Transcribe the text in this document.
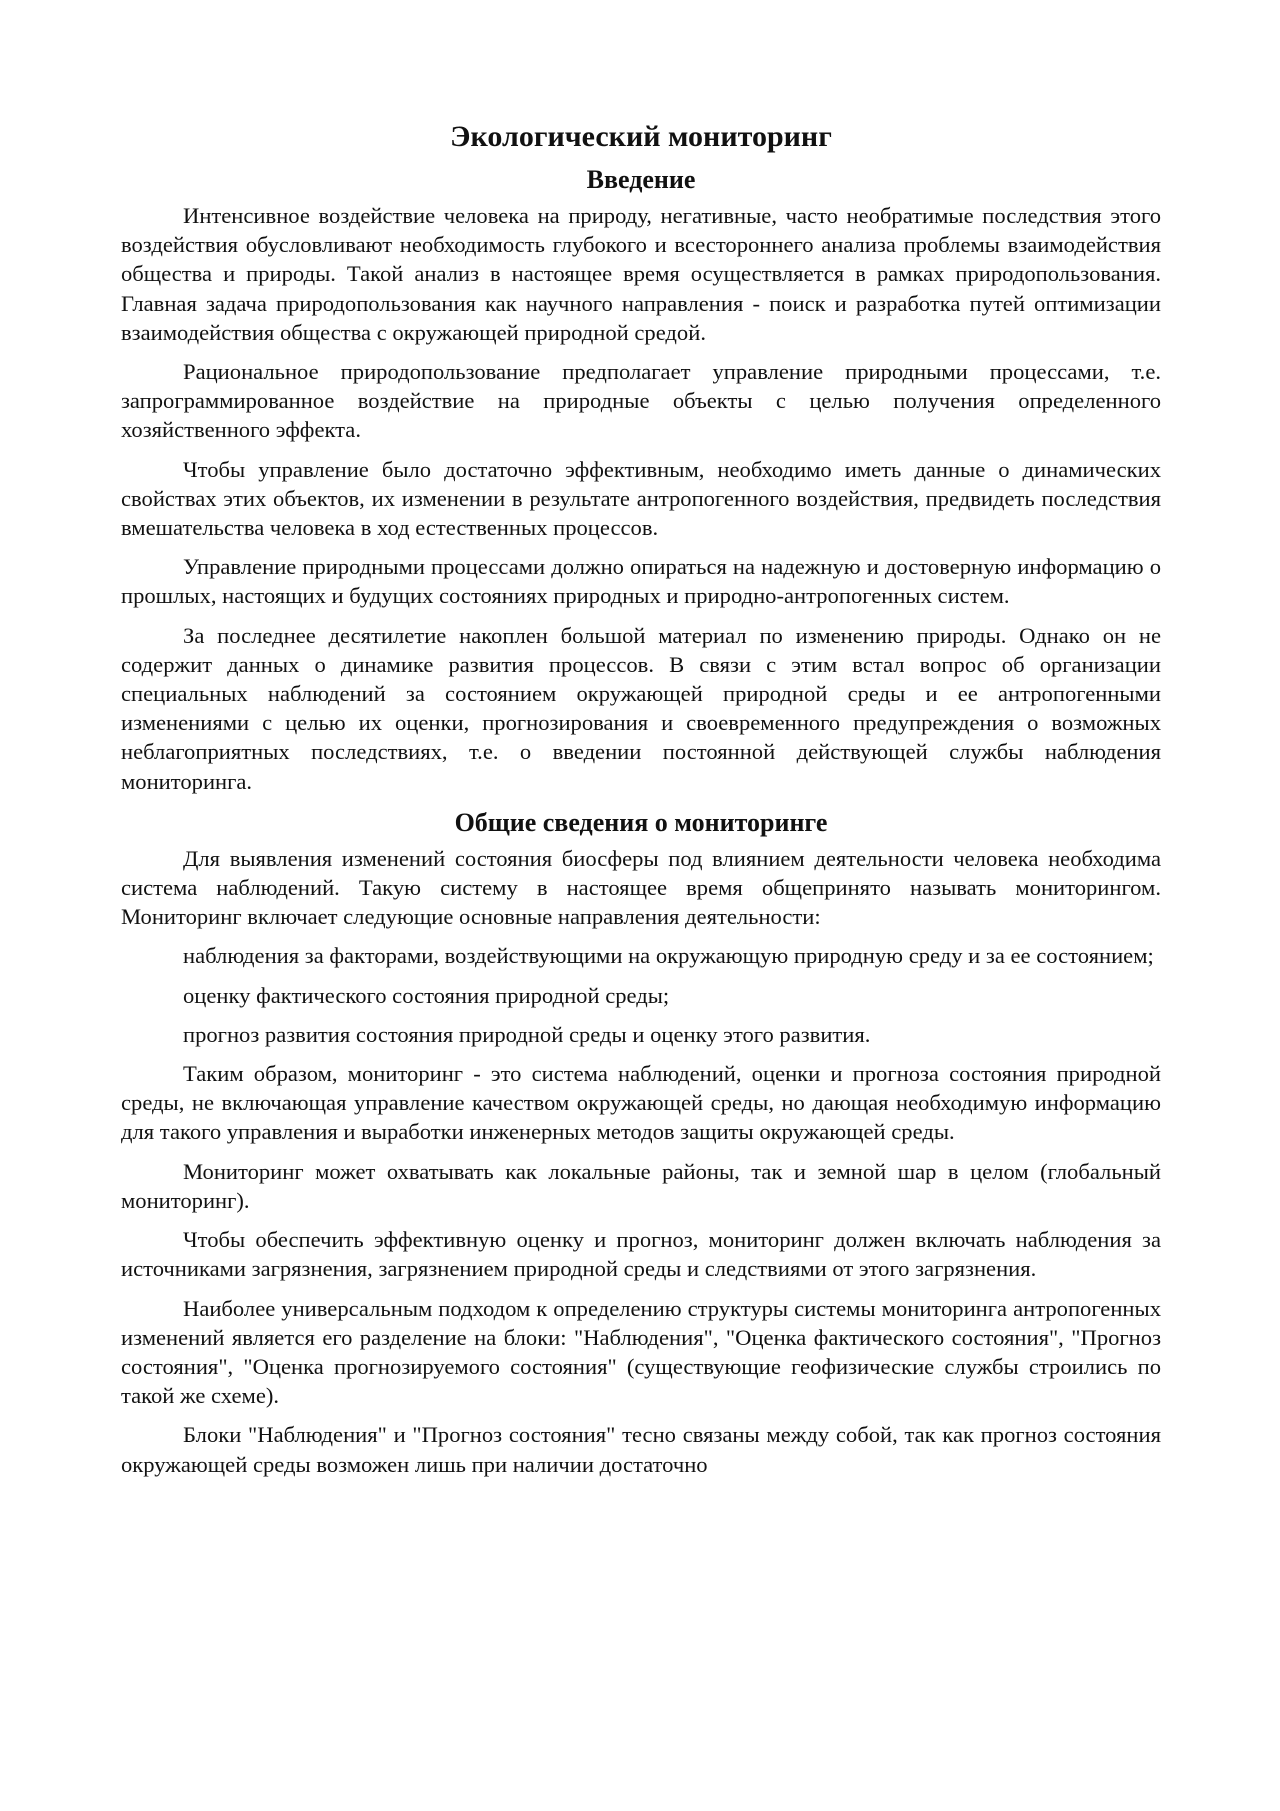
Экологический мониторинг
Введение

Интенсивное воздействие человека на природу, негативные, часто необратимые последствия этого воздействия обусловливают необходимость глубокого и всестороннего анализа проблемы взаимодействия общества и природы. Такой анализ в настоящее время осуществляется в рамках природопользования. Главная задача природопользования как научного направления - поиск и разработка путей оптимизации взаимодействия общества с окружающей природной средой.

Рациональное природопользование предполагает управление природными процессами, т.е. запрограммированное воздействие на природные объекты с целью получения определенного хозяйственного эффекта.

Чтобы управление было достаточно эффективным, необходимо иметь данные о динамических свойствах этих объектов, их изменении в результате антропогенного воздействия, предвидеть последствия вмешательства человека в ход естественных процессов.

Управление природными процессами должно опираться на надежную и достоверную информацию о прошлых, настоящих и будущих состояниях природных и природно-антропогенных систем.

За последнее десятилетие накоплен большой материал по изменению природы. Однако он не содержит данных о динамике развития процессов. В связи с этим встал вопрос об организации специальных наблюдений за состоянием окружающей природной среды и ее антропогенными изменениями с целью их оценки, прогнозирования и своевременного предупреждения о возможных неблагоприятных последствиях, т.е. о введении постоянной действующей службы наблюдения мониторинга.

Общие сведения о мониторинге

Для выявления изменений состояния биосферы под влиянием деятельности человека необходима система наблюдений. Такую систему в настоящее время общепринято называть мониторингом. Мониторинг включает следующие основные направления деятельности:

наблюдения за факторами, воздействующими на окружающую природную среду и за ее состоянием;

оценку фактического состояния природной среды;

прогноз развития состояния природной среды и оценку этого развития.

Таким образом, мониторинг - это система наблюдений, оценки и прогноза состояния природной среды, не включающая управление качеством окружающей среды, но дающая необходимую информацию для такого управления и выработки инженерных методов защиты окружающей среды.

Мониторинг может охватывать как локальные районы, так и земной шар в целом (глобальный мониторинг).

Чтобы обеспечить эффективную оценку и прогноз, мониторинг должен включать наблюдения за источниками загрязнения, загрязнением природной среды и следствиями от этого загрязнения.

Наиболее универсальным подходом к определению структуры системы мониторинга антропогенных изменений является его разделение на блоки: "Наблюдения", "Оценка фактического состояния", "Прогноз состояния", "Оценка прогнозируемого состояния" (существующие геофизические службы строились по такой же схеме).

Блоки "Наблюдения" и "Прогноз состояния" тесно связаны между собой, так как прогноз состояния окружающей среды возможен лишь при наличии достаточно
